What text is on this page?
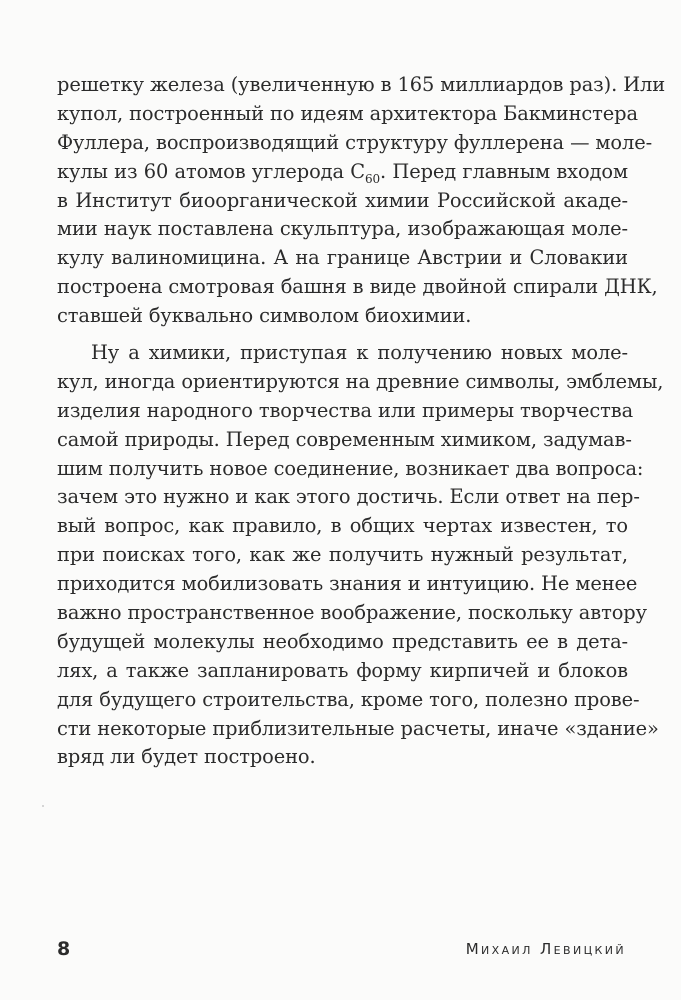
решетку железа (увеличенную в 165 миллиардов раз). Или
купол, построенный по идеям архитектора Бакминстера
Фуллера, воспроизводящий структуру фуллерена — моле-
кулы из 60 атомов углерода $С_{60}$. Перед главным входом
в Институт биоорганической химии Российской акаде-
мии наук поставлена скульптура, изображающая моле-
кулу валиномицина. А на границе Австрии и Словакии
построена смотровая башня в виде двойной спирали ДНК,
ставшей буквально символом биохимии.
Ну а химики, приступая к получению новых моле-
кул, иногда ориентируются на древние символы, эмблемы,
изделия народного творчества или примеры творчества
самой природы. Перед современным химиком, задумав-
шим получить новое соединение, возникает два вопроса:
зачем это нужно и как этого достичь. Если ответ на пер-
вый вопрос, как правило, в общих чертах известен, то
при поисках того, как же получить нужный результат,
приходится мобилизовать знания и интуицию. Не менее
важно пространственное воображение, поскольку автору
будущей молекулы необходимо представить ее в дета-
лях, а также запланировать форму кирпичей и блоков
для будущего строительства, кроме того, полезно прове-
сти некоторые приблизительные расчеты, иначе «здание»
вряд ли будет построено.
8	Михаил Левицкий
